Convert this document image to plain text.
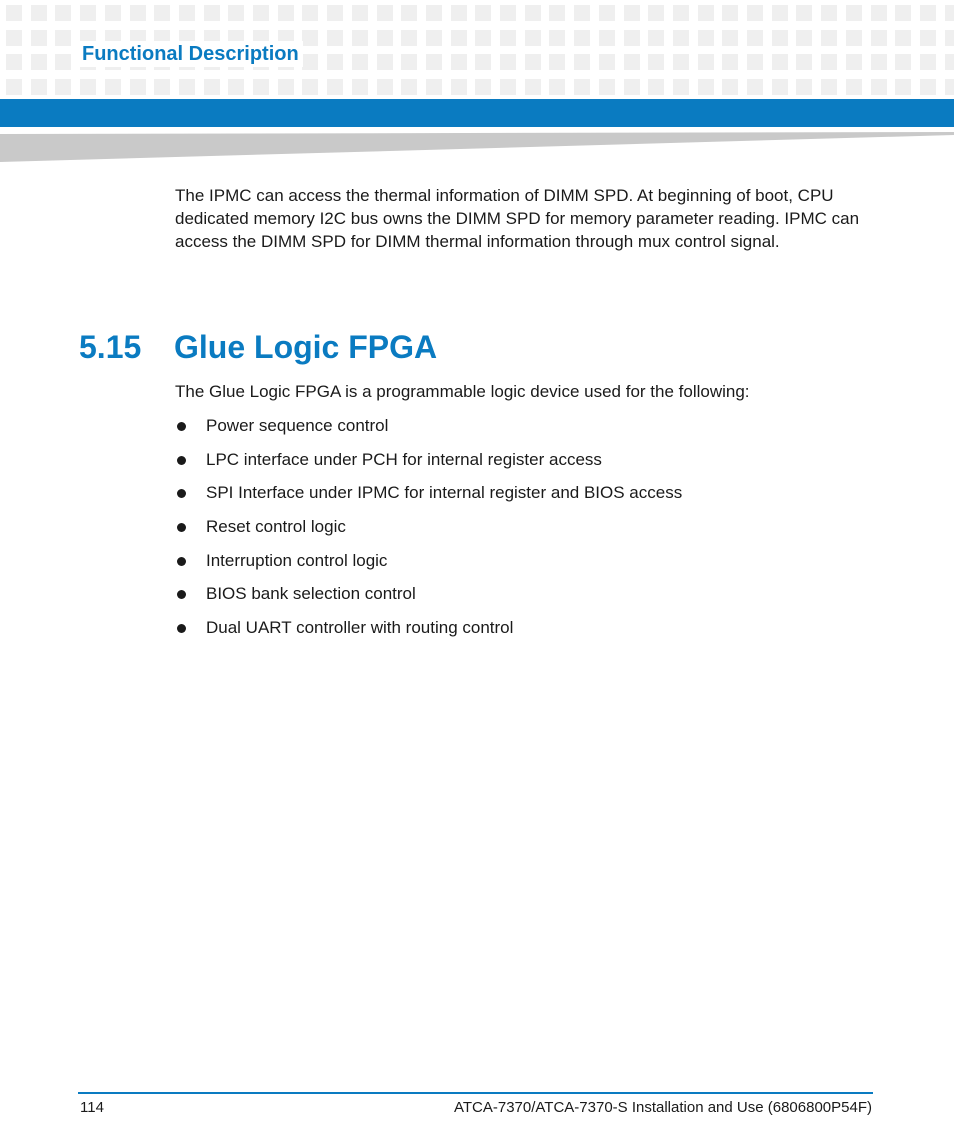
Functional Description

The IPMC can access the thermal information of DIMM SPD. At beginning of boot, CPU dedicated memory I2C bus owns the DIMM SPD for memory parameter reading. IPMC can access the DIMM SPD for DIMM thermal information through mux control signal.

5.15 Glue Logic FPGA

The Glue Logic FPGA is a programmable logic device used for the following:

Power sequence control
LPC interface under PCH for internal register access
SPI Interface under IPMC for internal register and BIOS access
Reset control logic
Interruption control logic
BIOS bank selection control
Dual UART controller with routing control
114	ATCA-7370/ATCA-7370-S Installation and Use (6806800P54F)
